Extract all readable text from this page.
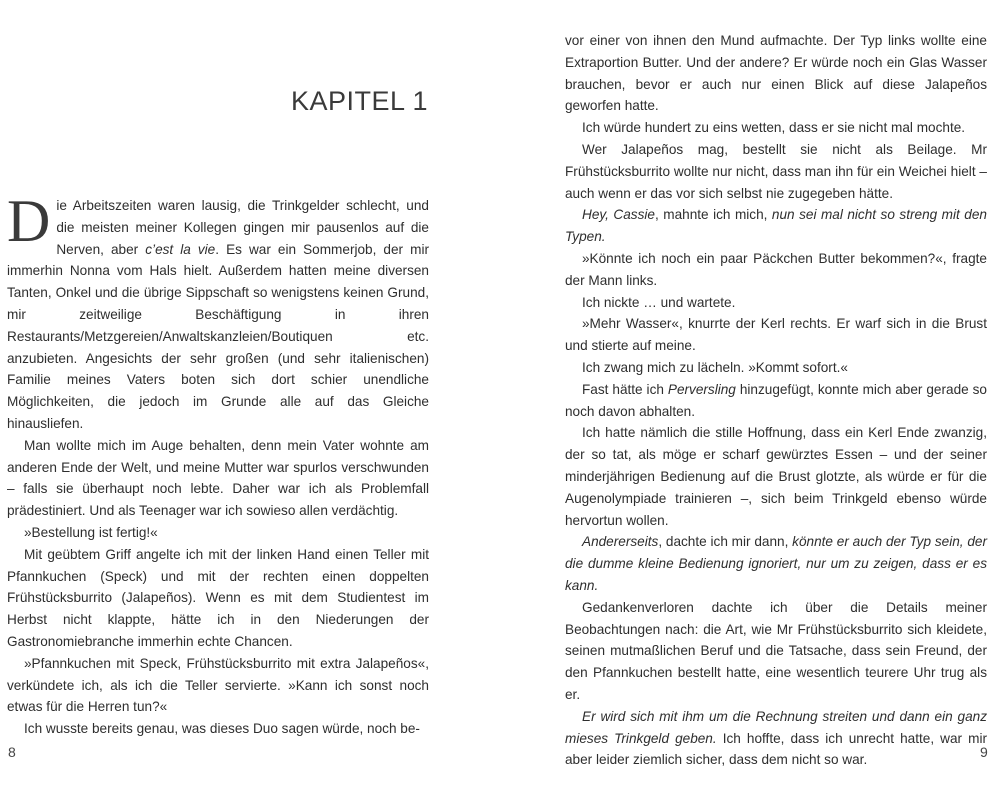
KAPITEL 1

Die Arbeitszeiten waren lausig, die Trinkgelder schlecht, und die meisten meiner Kollegen gingen mir pausenlos auf die Nerven, aber c’est la vie. Es war ein Sommerjob, der mir immerhin Nonna vom Hals hielt. Außerdem hatten meine diversen Tanten, Onkel und die übrige Sippschaft so wenigstens keinen Grund, mir zeitweilige Beschäftigung in ihren Restaurants/Metzgereien/Anwaltskanzleien/Boutiquen etc. anzubieten. Angesichts der sehr großen (und sehr italienischen) Familie meines Vaters boten sich dort schier unendliche Möglichkeiten, die jedoch im Grunde alle auf das Gleiche hinausliefen.

Man wollte mich im Auge behalten, denn mein Vater wohnte am anderen Ende der Welt, und meine Mutter war spurlos verschwunden – falls sie überhaupt noch lebte. Daher war ich als Problemfall prädestiniert. Und als Teenager war ich sowieso allen verdächtig.

»Bestellung ist fertig!«

Mit geübtem Griff angelte ich mit der linken Hand einen Teller mit Pfannkuchen (Speck) und mit der rechten einen doppelten Frühstücksburrito (Jalapeños). Wenn es mit dem Studientest im Herbst nicht klappte, hätte ich in den Niederungen der Gastronomiebranche immerhin echte Chancen.

»Pfannkuchen mit Speck, Frühstücksburrito mit extra Jalapeños«, verkündete ich, als ich die Teller servierte. »Kann ich sonst noch etwas für die Herren tun?«

Ich wusste bereits genau, was dieses Duo sagen würde, noch be-

8

vor einer von ihnen den Mund aufmachte. Der Typ links wollte eine Extraportion Butter. Und der andere? Er würde noch ein Glas Wasser brauchen, bevor er auch nur einen Blick auf diese Jalapeños geworfen hatte.

Ich würde hundert zu eins wetten, dass er sie nicht mal mochte.

Wer Jalapeños mag, bestellt sie nicht als Beilage. Mr Frühstücksburrito wollte nur nicht, dass man ihn für ein Weichei hielt – auch wenn er das vor sich selbst nie zugegeben hätte.

Hey, Cassie, mahnte ich mich, nun sei mal nicht so streng mit den Typen.

»Könnte ich noch ein paar Päckchen Butter bekommen?«, fragte der Mann links.

Ich nickte … und wartete.

»Mehr Wasser«, knurrte der Kerl rechts. Er warf sich in die Brust und stierte auf meine.

Ich zwang mich zu lächeln. »Kommt sofort.«

Fast hätte ich Perversling hinzugefügt, konnte mich aber gerade so noch davon abhalten.

Ich hatte nämlich die stille Hoffnung, dass ein Kerl Ende zwanzig, der so tat, als möge er scharf gewürztes Essen – und der seiner minderjährigen Bedienung auf die Brust glotzte, als würde er für die Augenolympiade trainieren –, sich beim Trinkgeld ebenso würde hervortun wollen.

Andererseits, dachte ich mir dann, könnte er auch der Typ sein, der die dumme kleine Bedienung ignoriert, nur um zu zeigen, dass er es kann.

Gedankenverloren dachte ich über die Details meiner Beobachtungen nach: die Art, wie Mr Frühstücksburrito sich kleidete, seinen mutmaßlichen Beruf und die Tatsache, dass sein Freund, der den Pfannkuchen bestellt hatte, eine wesentlich teurere Uhr trug als er.

Er wird sich mit ihm um die Rechnung streiten und dann ein ganz mieses Trinkgeld geben. Ich hoffte, dass ich unrecht hatte, war mir aber leider ziemlich sicher, dass dem nicht so war.	9
